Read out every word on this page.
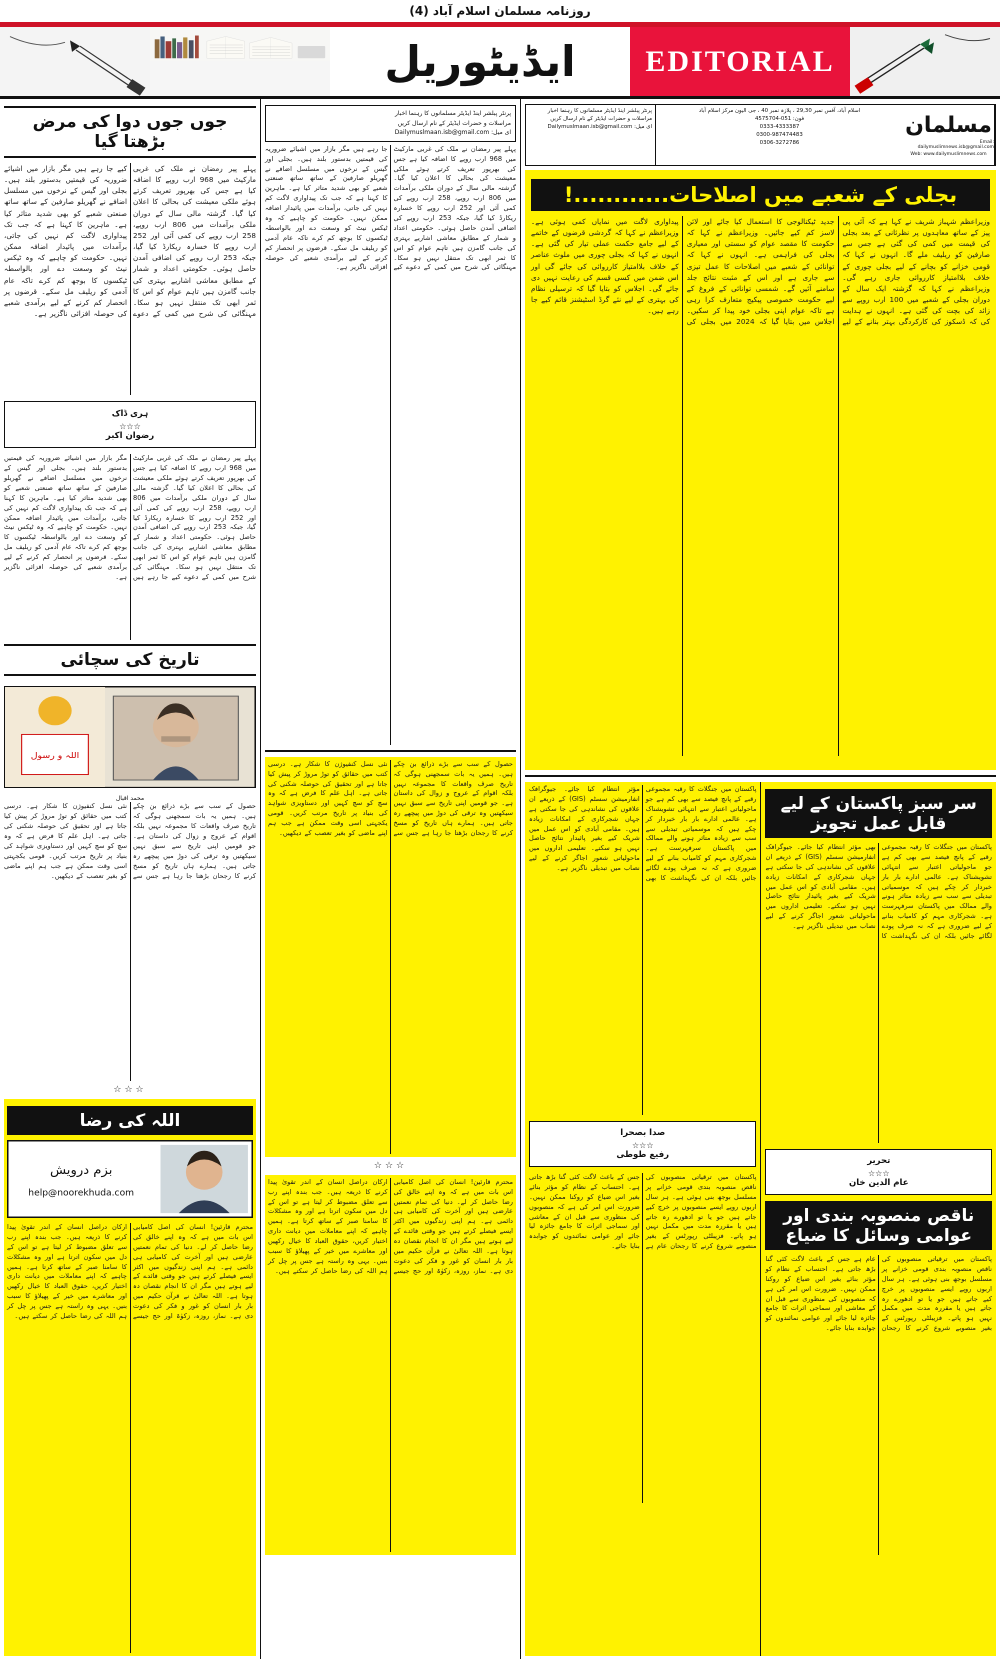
روزنامہ مسلمان اسلام آباد (4)
EDITORIAL
ایڈیٹوریل
مسلمان
Email: dailymuslimnews.isb@gmail.com
Web: www.dailymuslimnews.com
اسلام آباد، آفس نمبر 29,30 ، پلازہ نمبر 40 ، جی الیون مرکز اسلام آباد
فون: 051-4575704
0333-4333387
0300-987474483
0306-3272786
پرنٹر پبلشر اینڈ ایڈیٹر مسلمانوں کا رہنما اخبار
مراسلات و حضرات ایڈیٹر کے نام ارسال کریں
ای میل: Dailymuslmaan.isb@gmail.com
بجلی کے شعبے میں اصلاحات............!
وزیراعظم شہباز شریف نے کہا ہے کہ آئی پی پیز کے ساتھ معاہدوں پر نظرثانی کے بعد بجلی کی قیمت میں کمی کی گئی ہے جس سے صارفین کو ریلیف ملے گا۔ انہوں نے کہا کہ قومی خزانے کو بچانے کے لیے بجلی چوری کے خلاف بلاامتیاز کارروائی جاری رہے گی۔ وزیراعظم نے کہا کہ گزشتہ ایک سال کے دوران بجلی کے شعبے میں 100 ارب روپے سے زائد کی بچت کی گئی ہے۔ انہوں نے ہدایت کی کہ ڈسکوز کی کارکردگی بہتر بنانے کے لیے جدید ٹیکنالوجی کا استعمال کیا جائے اور لائن لاسز کم کیے جائیں۔ وزیراعظم نے کہا کہ حکومت کا مقصد عوام کو سستی اور معیاری بجلی کی فراہمی ہے۔ انہوں نے کہا کہ توانائی کے شعبے میں اصلاحات کا عمل تیزی سے جاری ہے اور اس کے مثبت نتائج جلد سامنے آئیں گے۔ شمسی توانائی کے فروغ کے لیے حکومت خصوصی پیکیج متعارف کرا رہی ہے تاکہ عوام اپنی بجلی خود پیدا کر سکیں۔ اجلاس میں بتایا گیا کہ 2024 میں بجلی کی پیداواری لاگت میں نمایاں کمی ہوئی ہے۔ وزیراعظم نے کہا کہ گردشی قرضوں کے خاتمے کے لیے جامع حکمت عملی تیار کی گئی ہے۔ انہوں نے کہا کہ بجلی چوری میں ملوث عناصر کے خلاف بلاامتیاز کارروائی کی جائے گی اور اس ضمن میں کسی قسم کی رعایت نہیں دی جائے گی۔ اجلاس کو بتایا گیا کہ ترسیلی نظام کی بہتری کے لیے نئے گرڈ اسٹیشنز قائم کیے جا رہے ہیں۔
سر سبز پاکستان کے لیے قابل عمل تجویز
پاکستان میں جنگلات کا رقبہ مجموعی رقبے کے پانچ فیصد سے بھی کم ہے جو ماحولیاتی اعتبار سے انتہائی تشویشناک ہے۔ عالمی ادارے بار بار خبردار کر چکے ہیں کہ موسمیاتی تبدیلی سے سب سے زیادہ متاثر ہونے والے ممالک میں پاکستان سرفہرست ہے۔ شجرکاری مہم کو کامیاب بنانے کے لیے ضروری ہے کہ نہ صرف پودے لگائے جائیں بلکہ ان کی نگہداشت کا بھی مؤثر انتظام کیا جائے۔ جیوگرافک انفارمیشن سسٹم (GIS) کے ذریعے ان علاقوں کی نشاندہی کی جا سکتی ہے جہاں شجرکاری کے امکانات زیادہ ہیں۔ مقامی آبادی کو اس عمل میں شریک کیے بغیر پائیدار نتائج حاصل نہیں ہو سکتے۔ تعلیمی اداروں میں ماحولیاتی شعور اجاگر کرنے کے لیے نصاب میں تبدیلی ناگزیر ہے۔
تحریر
☆☆☆
عام الدین خان
ناقص منصوبہ بندی اور عوامی وسائل کا ضیاع
پاکستان میں ترقیاتی منصوبوں کی ناقص منصوبہ بندی قومی خزانے پر مسلسل بوجھ بنی ہوئی ہے۔ ہر سال اربوں روپے ایسے منصوبوں پر خرچ کیے جاتے ہیں جو یا تو ادھورے رہ جاتے ہیں یا مقررہ مدت میں مکمل نہیں ہو پاتے۔ فزیبلٹی رپورٹس کے بغیر منصوبے شروع کرنے کا رجحان عام ہے جس کے باعث لاگت کئی گنا بڑھ جاتی ہے۔ احتساب کے نظام کو مؤثر بنائے بغیر اس ضیاع کو روکنا ممکن نہیں۔ ضرورت اس امر کی ہے کہ منصوبوں کی منظوری سے قبل ان کے معاشی اور سماجی اثرات کا جامع جائزہ لیا جائے اور عوامی نمائندوں کو جوابدہ بنایا جائے۔
پاکستان میں جنگلات کا رقبہ مجموعی رقبے کے پانچ فیصد سے بھی کم ہے جو ماحولیاتی اعتبار سے انتہائی تشویشناک ہے۔ عالمی ادارے بار بار خبردار کر چکے ہیں کہ موسمیاتی تبدیلی سے سب سے زیادہ متاثر ہونے والے ممالک میں پاکستان سرفہرست ہے۔ شجرکاری مہم کو کامیاب بنانے کے لیے ضروری ہے کہ نہ صرف پودے لگائے جائیں بلکہ ان کی نگہداشت کا بھی مؤثر انتظام کیا جائے۔ جیوگرافک انفارمیشن سسٹم (GIS) کے ذریعے ان علاقوں کی نشاندہی کی جا سکتی ہے جہاں شجرکاری کے امکانات زیادہ ہیں۔ مقامی آبادی کو اس عمل میں شریک کیے بغیر پائیدار نتائج حاصل نہیں ہو سکتے۔ تعلیمی اداروں میں ماحولیاتی شعور اجاگر کرنے کے لیے نصاب میں تبدیلی ناگزیر ہے۔
صدا بصحرا
☆☆☆
رفیع طوطی
پاکستان میں ترقیاتی منصوبوں کی ناقص منصوبہ بندی قومی خزانے پر مسلسل بوجھ بنی ہوئی ہے۔ ہر سال اربوں روپے ایسے منصوبوں پر خرچ کیے جاتے ہیں جو یا تو ادھورے رہ جاتے ہیں یا مقررہ مدت میں مکمل نہیں ہو پاتے۔ فزیبلٹی رپورٹس کے بغیر منصوبے شروع کرنے کا رجحان عام ہے جس کے باعث لاگت کئی گنا بڑھ جاتی ہے۔ احتساب کے نظام کو مؤثر بنائے بغیر اس ضیاع کو روکنا ممکن نہیں۔ ضرورت اس امر کی ہے کہ منصوبوں کی منظوری سے قبل ان کے معاشی اور سماجی اثرات کا جامع جائزہ لیا جائے اور عوامی نمائندوں کو جوابدہ بنایا جائے۔
پرنٹر پبلشر اینڈ ایڈیٹر مسلمانوں کا رہنما اخبار
مراسلات و حضرات ایڈیٹر کے نام ارسال کریں
ای میل: Dailymuslmaan.isb@gmail.com
پہلے پیر رمضان نے ملک کی غربی مارکیٹ میں 968 ارب روپے کا اضافہ کیا ہے جس کی بھرپور تعریف کرتے ہوئے ملکی معیشت کی بحالی کا اعلان کیا گیا۔ گزشتہ مالی سال کے دوران ملکی برآمدات میں 806 ارب روپے، 258 ارب روپے کی کمی آئی اور 252 ارب روپے کا خسارہ ریکارڈ کیا گیا، جبکہ 253 ارب روپے کی اضافی آمدن حاصل ہوئی۔ حکومتی اعداد و شمار کے مطابق معاشی اشاریے بہتری کی جانب گامزن ہیں تاہم عوام کو اس کا ثمر ابھی تک منتقل نہیں ہو سکا۔ مہنگائی کی شرح میں کمی کے دعوے کیے جا رہے ہیں مگر بازار میں اشیائے ضروریہ کی قیمتیں بدستور بلند ہیں۔ بجلی اور گیس کے نرخوں میں مسلسل اضافے نے گھریلو صارفین کے ساتھ ساتھ صنعتی شعبے کو بھی شدید متاثر کیا ہے۔ ماہرین کا کہنا ہے کہ جب تک پیداواری لاگت کم نہیں کی جاتی، برآمدات میں پائیدار اضافہ ممکن نہیں۔ حکومت کو چاہیے کہ وہ ٹیکس نیٹ کو وسعت دے اور بالواسطہ ٹیکسوں کا بوجھ کم کرے تاکہ عام آدمی کو ریلیف مل سکے۔ قرضوں پر انحصار کم کرنے کے لیے برآمدی شعبے کی حوصلہ افزائی ناگزیر ہے۔
حصول کے سب سے بڑے ذرائع بن چکے ہیں۔ ہمیں یہ بات سمجھنی ہوگی کہ تاریخ صرف واقعات کا مجموعہ نہیں بلکہ اقوام کے عروج و زوال کی داستان ہے۔ جو قومیں اپنی تاریخ سے سبق نہیں سیکھتیں وہ ترقی کی دوڑ میں پیچھے رہ جاتی ہیں۔ ہمارے ہاں تاریخ کو مسخ کرنے کا رجحان بڑھتا جا رہا ہے جس سے نئی نسل کنفیوژن کا شکار ہے۔ درسی کتب میں حقائق کو توڑ مروڑ کر پیش کیا جاتا ہے اور تحقیق کی حوصلہ شکنی کی جاتی ہے۔ اہل علم کا فرض ہے کہ وہ سچ کو سچ کہیں اور دستاویزی شواہد کی بنیاد پر تاریخ مرتب کریں۔ قومی یکجہتی اسی وقت ممکن ہے جب ہم اپنے ماضی کو بغیر تعصب کے دیکھیں۔
☆☆☆
محترم قارئین! انسان کی اصل کامیابی اس بات میں ہے کہ وہ اپنے خالق کی رضا حاصل کر لے۔ دنیا کی تمام نعمتیں عارضی ہیں اور آخرت کی کامیابی ہی دائمی ہے۔ ہم اپنی زندگیوں میں اکثر ایسے فیصلے کرتے ہیں جو وقتی فائدے کے لیے ہوتے ہیں مگر ان کا انجام نقصان دہ ہوتا ہے۔ اللہ تعالیٰ نے قرآن حکیم میں بار بار انسان کو غور و فکر کی دعوت دی ہے۔ نماز، روزہ، زکوٰۃ اور حج جیسے ارکان دراصل انسان کے اندر تقویٰ پیدا کرنے کا ذریعہ ہیں۔ جب بندہ اپنے رب سے تعلق مضبوط کر لیتا ہے تو اس کے دل میں سکون اترتا ہے اور وہ مشکلات کا سامنا صبر کے ساتھ کرتا ہے۔ ہمیں چاہیے کہ اپنے معاملات میں دیانت داری اختیار کریں، حقوق العباد کا خیال رکھیں اور معاشرے میں خیر کے پھیلاؤ کا سبب بنیں۔ یہی وہ راستہ ہے جس پر چل کر ہم اللہ کی رضا حاصل کر سکتے ہیں۔
جوں جوں دوا کی مرض بڑھتا گیا
پہلے پیر رمضان نے ملک کی غربی مارکیٹ میں 968 ارب روپے کا اضافہ کیا ہے جس کی بھرپور تعریف کرتے ہوئے ملکی معیشت کی بحالی کا اعلان کیا گیا۔ گزشتہ مالی سال کے دوران ملکی برآمدات میں 806 ارب روپے، 258 ارب روپے کی کمی آئی اور 252 ارب روپے کا خسارہ ریکارڈ کیا گیا، جبکہ 253 ارب روپے کی اضافی آمدن حاصل ہوئی۔ حکومتی اعداد و شمار کے مطابق معاشی اشاریے بہتری کی جانب گامزن ہیں تاہم عوام کو اس کا ثمر ابھی تک منتقل نہیں ہو سکا۔ مہنگائی کی شرح میں کمی کے دعوے کیے جا رہے ہیں مگر بازار میں اشیائے ضروریہ کی قیمتیں بدستور بلند ہیں۔ بجلی اور گیس کے نرخوں میں مسلسل اضافے نے گھریلو صارفین کے ساتھ ساتھ صنعتی شعبے کو بھی شدید متاثر کیا ہے۔ ماہرین کا کہنا ہے کہ جب تک پیداواری لاگت کم نہیں کی جاتی، برآمدات میں پائیدار اضافہ ممکن نہیں۔ حکومت کو چاہیے کہ وہ ٹیکس نیٹ کو وسعت دے اور بالواسطہ ٹیکسوں کا بوجھ کم کرے تاکہ عام آدمی کو ریلیف مل سکے۔ قرضوں پر انحصار کم کرنے کے لیے برآمدی شعبے کی حوصلہ افزائی ناگزیر ہے۔
ہری ڈاک
☆☆☆
رضوان اکبر
پہلے پیر رمضان نے ملک کی غربی مارکیٹ میں 968 ارب روپے کا اضافہ کیا ہے جس کی بھرپور تعریف کرتے ہوئے ملکی معیشت کی بحالی کا اعلان کیا گیا۔ گزشتہ مالی سال کے دوران ملکی برآمدات میں 806 ارب روپے، 258 ارب روپے کی کمی آئی اور 252 ارب روپے کا خسارہ ریکارڈ کیا گیا، جبکہ 253 ارب روپے کی اضافی آمدن حاصل ہوئی۔ حکومتی اعداد و شمار کے مطابق معاشی اشاریے بہتری کی جانب گامزن ہیں تاہم عوام کو اس کا ثمر ابھی تک منتقل نہیں ہو سکا۔ مہنگائی کی شرح میں کمی کے دعوے کیے جا رہے ہیں مگر بازار میں اشیائے ضروریہ کی قیمتیں بدستور بلند ہیں۔ بجلی اور گیس کے نرخوں میں مسلسل اضافے نے گھریلو صارفین کے ساتھ ساتھ صنعتی شعبے کو بھی شدید متاثر کیا ہے۔ ماہرین کا کہنا ہے کہ جب تک پیداواری لاگت کم نہیں کی جاتی، برآمدات میں پائیدار اضافہ ممکن نہیں۔ حکومت کو چاہیے کہ وہ ٹیکس نیٹ کو وسعت دے اور بالواسطہ ٹیکسوں کا بوجھ کم کرے تاکہ عام آدمی کو ریلیف مل سکے۔ قرضوں پر انحصار کم کرنے کے لیے برآمدی شعبے کی حوصلہ افزائی ناگزیر ہے۔
تاریخ کی سچائی
اللہ و رسول
محمد اقبال
حصول کے سب سے بڑے ذرائع بن چکے ہیں۔ ہمیں یہ بات سمجھنی ہوگی کہ تاریخ صرف واقعات کا مجموعہ نہیں بلکہ اقوام کے عروج و زوال کی داستان ہے۔ جو قومیں اپنی تاریخ سے سبق نہیں سیکھتیں وہ ترقی کی دوڑ میں پیچھے رہ جاتی ہیں۔ ہمارے ہاں تاریخ کو مسخ کرنے کا رجحان بڑھتا جا رہا ہے جس سے نئی نسل کنفیوژن کا شکار ہے۔ درسی کتب میں حقائق کو توڑ مروڑ کر پیش کیا جاتا ہے اور تحقیق کی حوصلہ شکنی کی جاتی ہے۔ اہل علم کا فرض ہے کہ وہ سچ کو سچ کہیں اور دستاویزی شواہد کی بنیاد پر تاریخ مرتب کریں۔ قومی یکجہتی اسی وقت ممکن ہے جب ہم اپنے ماضی کو بغیر تعصب کے دیکھیں۔
☆☆☆
اللہ کی رضا
بزم درویش
help@noorekhuda.com
محترم قارئین! انسان کی اصل کامیابی اس بات میں ہے کہ وہ اپنے خالق کی رضا حاصل کر لے۔ دنیا کی تمام نعمتیں عارضی ہیں اور آخرت کی کامیابی ہی دائمی ہے۔ ہم اپنی زندگیوں میں اکثر ایسے فیصلے کرتے ہیں جو وقتی فائدے کے لیے ہوتے ہیں مگر ان کا انجام نقصان دہ ہوتا ہے۔ اللہ تعالیٰ نے قرآن حکیم میں بار بار انسان کو غور و فکر کی دعوت دی ہے۔ نماز، روزہ، زکوٰۃ اور حج جیسے ارکان دراصل انسان کے اندر تقویٰ پیدا کرنے کا ذریعہ ہیں۔ جب بندہ اپنے رب سے تعلق مضبوط کر لیتا ہے تو اس کے دل میں سکون اترتا ہے اور وہ مشکلات کا سامنا صبر کے ساتھ کرتا ہے۔ ہمیں چاہیے کہ اپنے معاملات میں دیانت داری اختیار کریں، حقوق العباد کا خیال رکھیں اور معاشرے میں خیر کے پھیلاؤ کا سبب بنیں۔ یہی وہ راستہ ہے جس پر چل کر ہم اللہ کی رضا حاصل کر سکتے ہیں۔
